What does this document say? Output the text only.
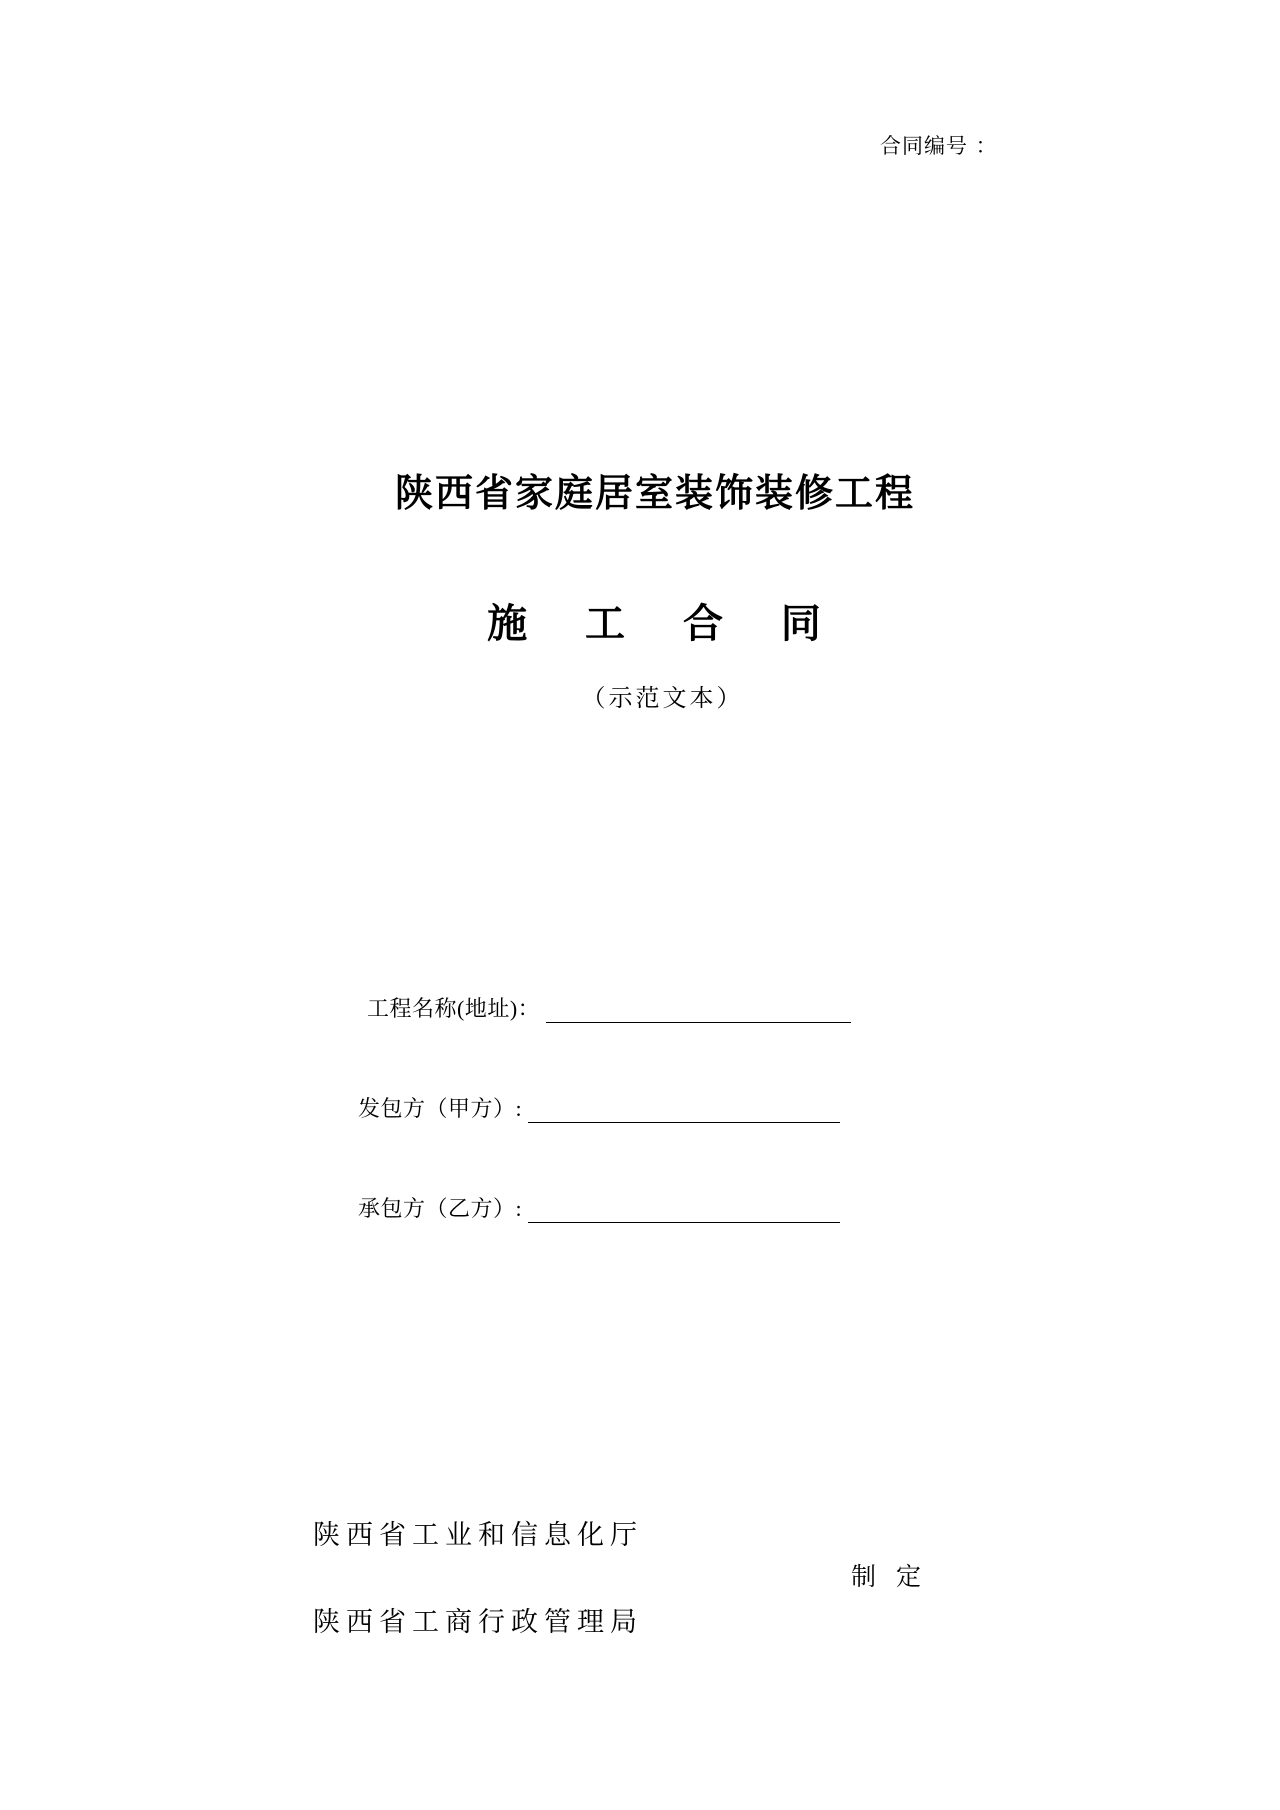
合同编号 ：
陕西省家庭居室装饰装修工程
施 工 合 同
（示范文本）
工程名称(地址)：
发包方（甲方）:
承包方（乙方）:
陕西省工业和信息化厅
制 定
陕西省工商行政管理局
